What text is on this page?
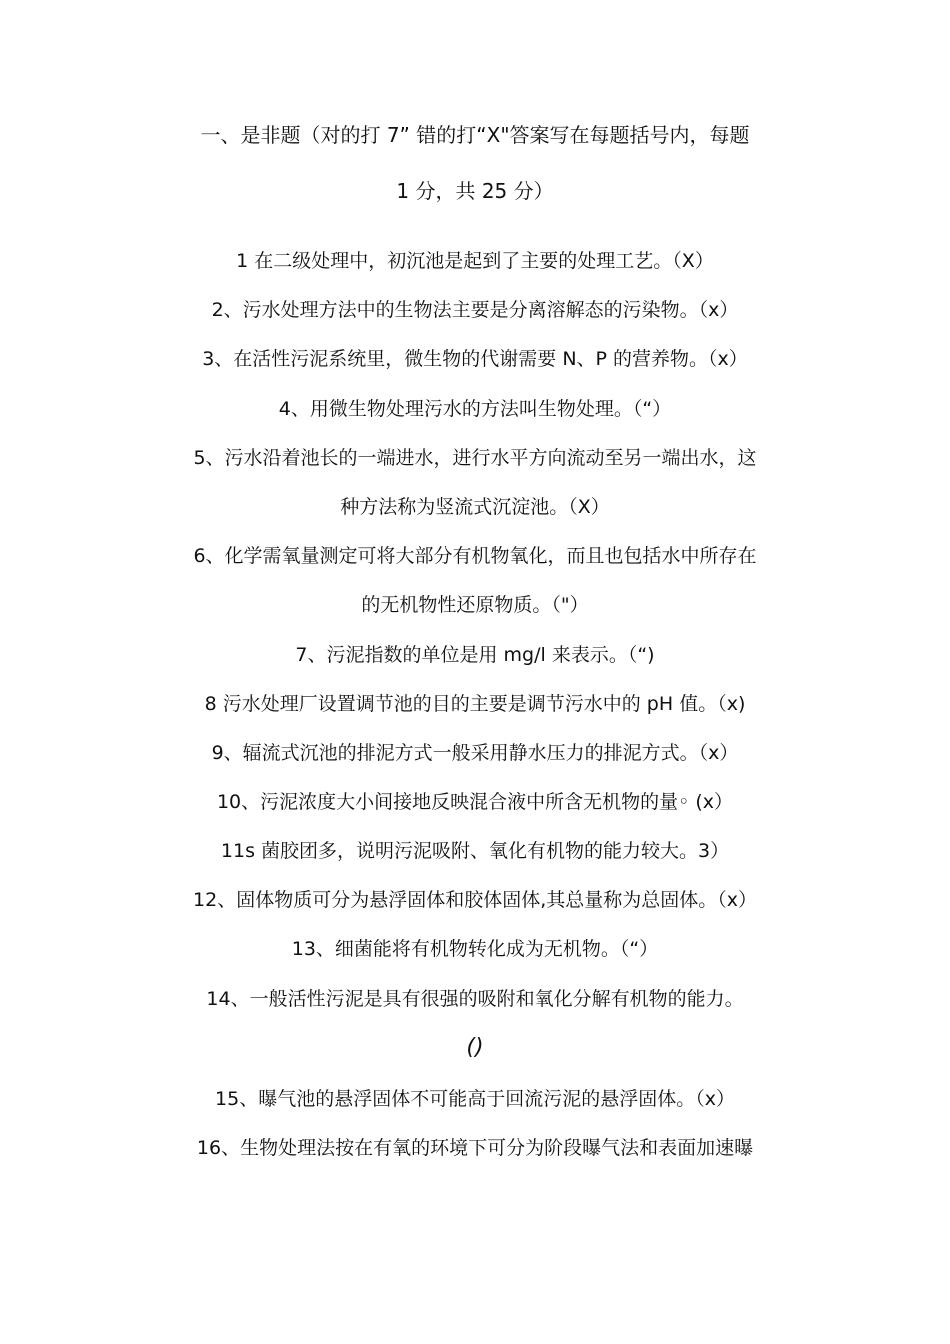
一、是非题（对的打 7” 错的打“X"答案写在每题括号内，每题
1 分，共 25 分）
1 在二级处理中，初沉池是起到了主要的处理工艺。（X）
2、污水处理方法中的生物法主要是分离溶解态的污染物。（x）
3、在活性污泥系统里，微生物的代谢需要 N、P 的营养物。（x）
4、用微生物处理污水的方法叫生物处理。（“）
5、污水沿着池长的一端进水，进行水平方向流动至另一端出水，这
种方法称为竖流式沉淀池。（X）
6、化学需氧量测定可将大部分有机物氧化，而且也包括水中所存在
的无机物性还原物质。（"）
7、污泥指数的单位是用 mg/l 来表示。（“)
8 污水处理厂设置调节池的目的主要是调节污水中的 pH 值。（x)
9、辐流式沉池的排泥方式一般采用静水压力的排泥方式。（x）
10、污泥浓度大小间接地反映混合液中所含无机物的量◦ (x）
11s 菌胶团多，说明污泥吸附、氧化有机物的能力较大。3）
12、固体物质可分为悬浮固体和胶体固体,其总量称为总固体。（x）
13、细菌能将有机物转化成为无机物。（“）
14、一般活性污泥是具有很强的吸附和氧化分解有机物的能力。
()
15、曝气池的悬浮固体不可能高于回流污泥的悬浮固体。（x）
16、生物处理法按在有氧的环境下可分为阶段曝气法和表面加速曝
